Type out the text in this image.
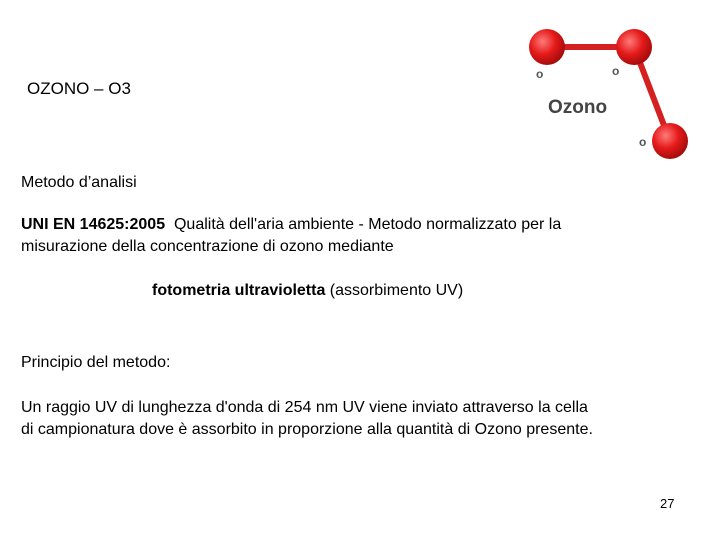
OZONO – O3
o	o
o
Ozono
Metodo d’analisi
UNI EN 14625:2005 Qualità dell'aria ambiente - Metodo normalizzato per la
misurazione della concentrazione di ozono mediante
fotometria ultravioletta (assorbimento UV)
Principio del metodo:
Un raggio UV di lunghezza d'onda di 254 nm UV viene inviato attraverso la cella
di campionatura dove è assorbito in proporzione alla quantità di Ozono presente.
27
